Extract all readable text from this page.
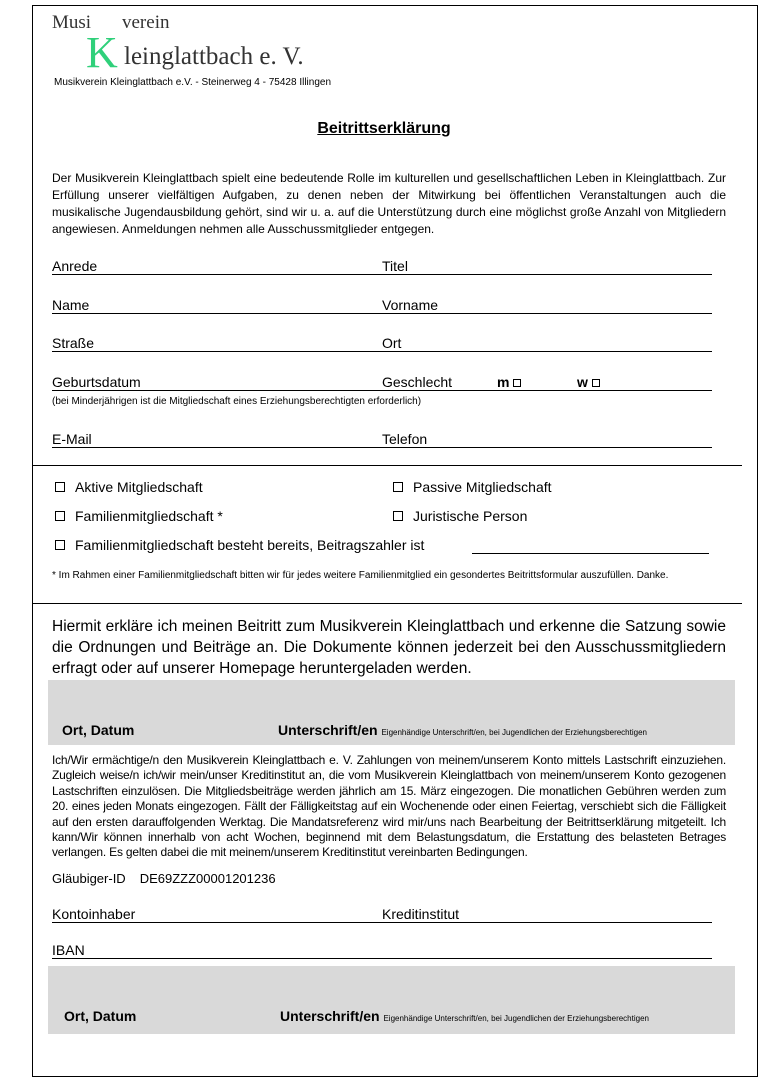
Musi verein
K leinglattbach e. V.
Musikverein Kleinglattbach e.V. - Steinerweg 4 - 75428 Illingen
Beitrittserklärung
Der Musikverein Kleinglattbach spielt eine bedeutende Rolle im kulturellen und gesellschaftlichen Leben in Kleinglattbach. Zur Erfüllung unserer vielfältigen Aufgaben, zu denen neben der Mitwirkung bei öffentlichen Veranstaltungen auch die musikalische Jugendausbildung gehört, sind wir u. a. auf die Unterstützung durch eine möglichst große Anzahl von Mitgliedern angewiesen. Anmeldungen nehmen alle Ausschussmitglieder entgegen.
Anrede	Titel
Name	Vorname
Straße	Ort
Geburtsdatum	Geschlecht	m	w
(bei Minderjährigen ist die Mitgliedschaft eines Erziehungsberechtigten erforderlich)
E-Mail	Telefon
Aktive Mitgliedschaft	Passive Mitgliedschaft
Familienmitgliedschaft *	Juristische Person
Familienmitgliedschaft besteht bereits, Beitragszahler ist
* Im Rahmen einer Familienmitgliedschaft bitten wir für jedes weitere Familienmitglied ein gesondertes Beitrittsformular auszufüllen. Danke.
Hiermit erkläre ich meinen Beitritt zum Musikverein Kleinglattbach und erkenne die Satzung sowie die Ordnungen und Beiträge an. Die Dokumente können jederzeit bei den Ausschussmitgliedern erfragt oder auf unserer Homepage heruntergeladen werden.
Ort, Datum	Unterschrift/en Eigenhändige Unterschrift/en, bei Jugendlichen der Erziehungsberechtigen
Ich/Wir ermächtige/n den Musikverein Kleinglattbach e. V. Zahlungen von meinem/unserem Konto mittels Lastschrift einzuziehen. Zugleich weise/n ich/wir mein/unser Kreditinstitut an, die vom Musikverein Kleinglattbach von meinem/unserem Konto gezogenen Lastschriften einzulösen. Die Mitgliedsbeiträge werden jährlich am 15. März eingezogen. Die monatlichen Gebühren werden zum 20. eines jeden Monats eingezogen. Fällt der Fälligkeitstag auf ein Wochenende oder einen Feiertag, verschiebt sich die Fälligkeit auf den ersten darauffolgenden Werktag. Die Mandatsreferenz wird mir/uns nach Bearbeitung der Beitrittserklärung mitgeteilt. Ich kann/Wir können innerhalb von acht Wochen, beginnend mit dem Belastungsdatum, die Erstattung des belasteten Betrages verlangen. Es gelten dabei die mit meinem/unserem Kreditinstitut vereinbarten Bedingungen.
Gläubiger-ID DE69ZZZ00001201236
Kontoinhaber	Kreditinstitut
IBAN
Ort, Datum	Unterschrift/en Eigenhändige Unterschrift/en, bei Jugendlichen der Erziehungsberechtigen
